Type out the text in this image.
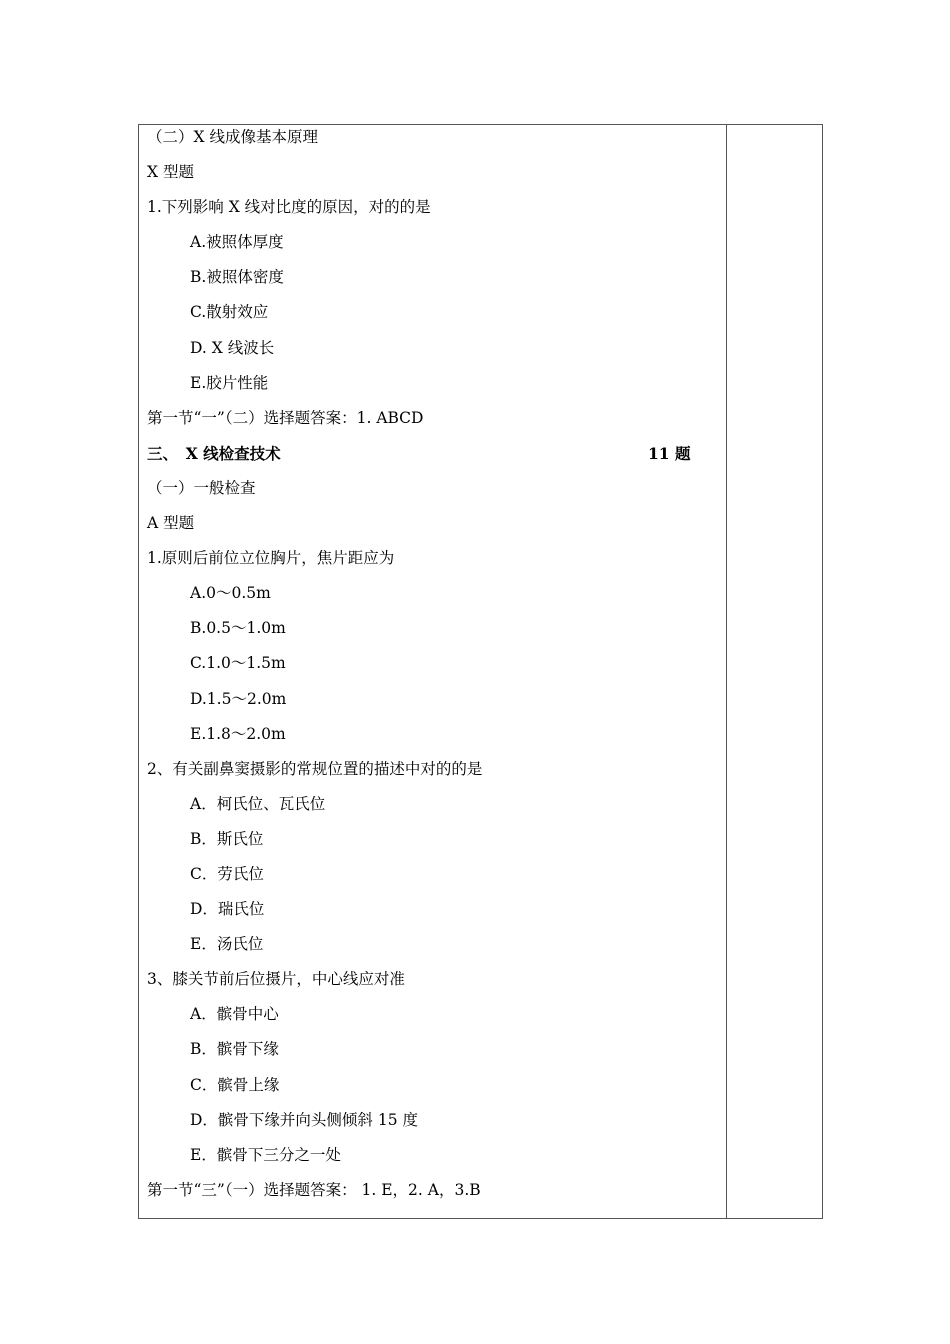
（二）X 线成像基本原理
X 型题
1.下列影响 X 线对比度的原因，对的的是
A.被照体厚度
B.被照体密度
C.散射效应
D. X 线波长
E.胶片性能
第一节“一”（二）选择题答案：1. ABCD
三、　X 线检查技术	11 题
（一）一般检查
A 型题
1.原则后前位立位胸片，焦片距应为
A.0～0.5m
B.0.5～1.0m
C.1.0～1.5m
D.1.5～2.0m
E.1.8～2.0m
2、有关副鼻窦摄影的常规位置的描述中对的的是
A．柯氏位、瓦氏位
B．斯氏位
C．劳氏位
D．瑞氏位
E．汤氏位
3、膝关节前后位摄片，中心线应对准
A．髌骨中心
B．髌骨下缘
C．髌骨上缘
D．髌骨下缘并向头侧倾斜 15 度
E．髌骨下三分之一处
第一节“三”（一）选择题答案： 1. E，2. A，3.B
